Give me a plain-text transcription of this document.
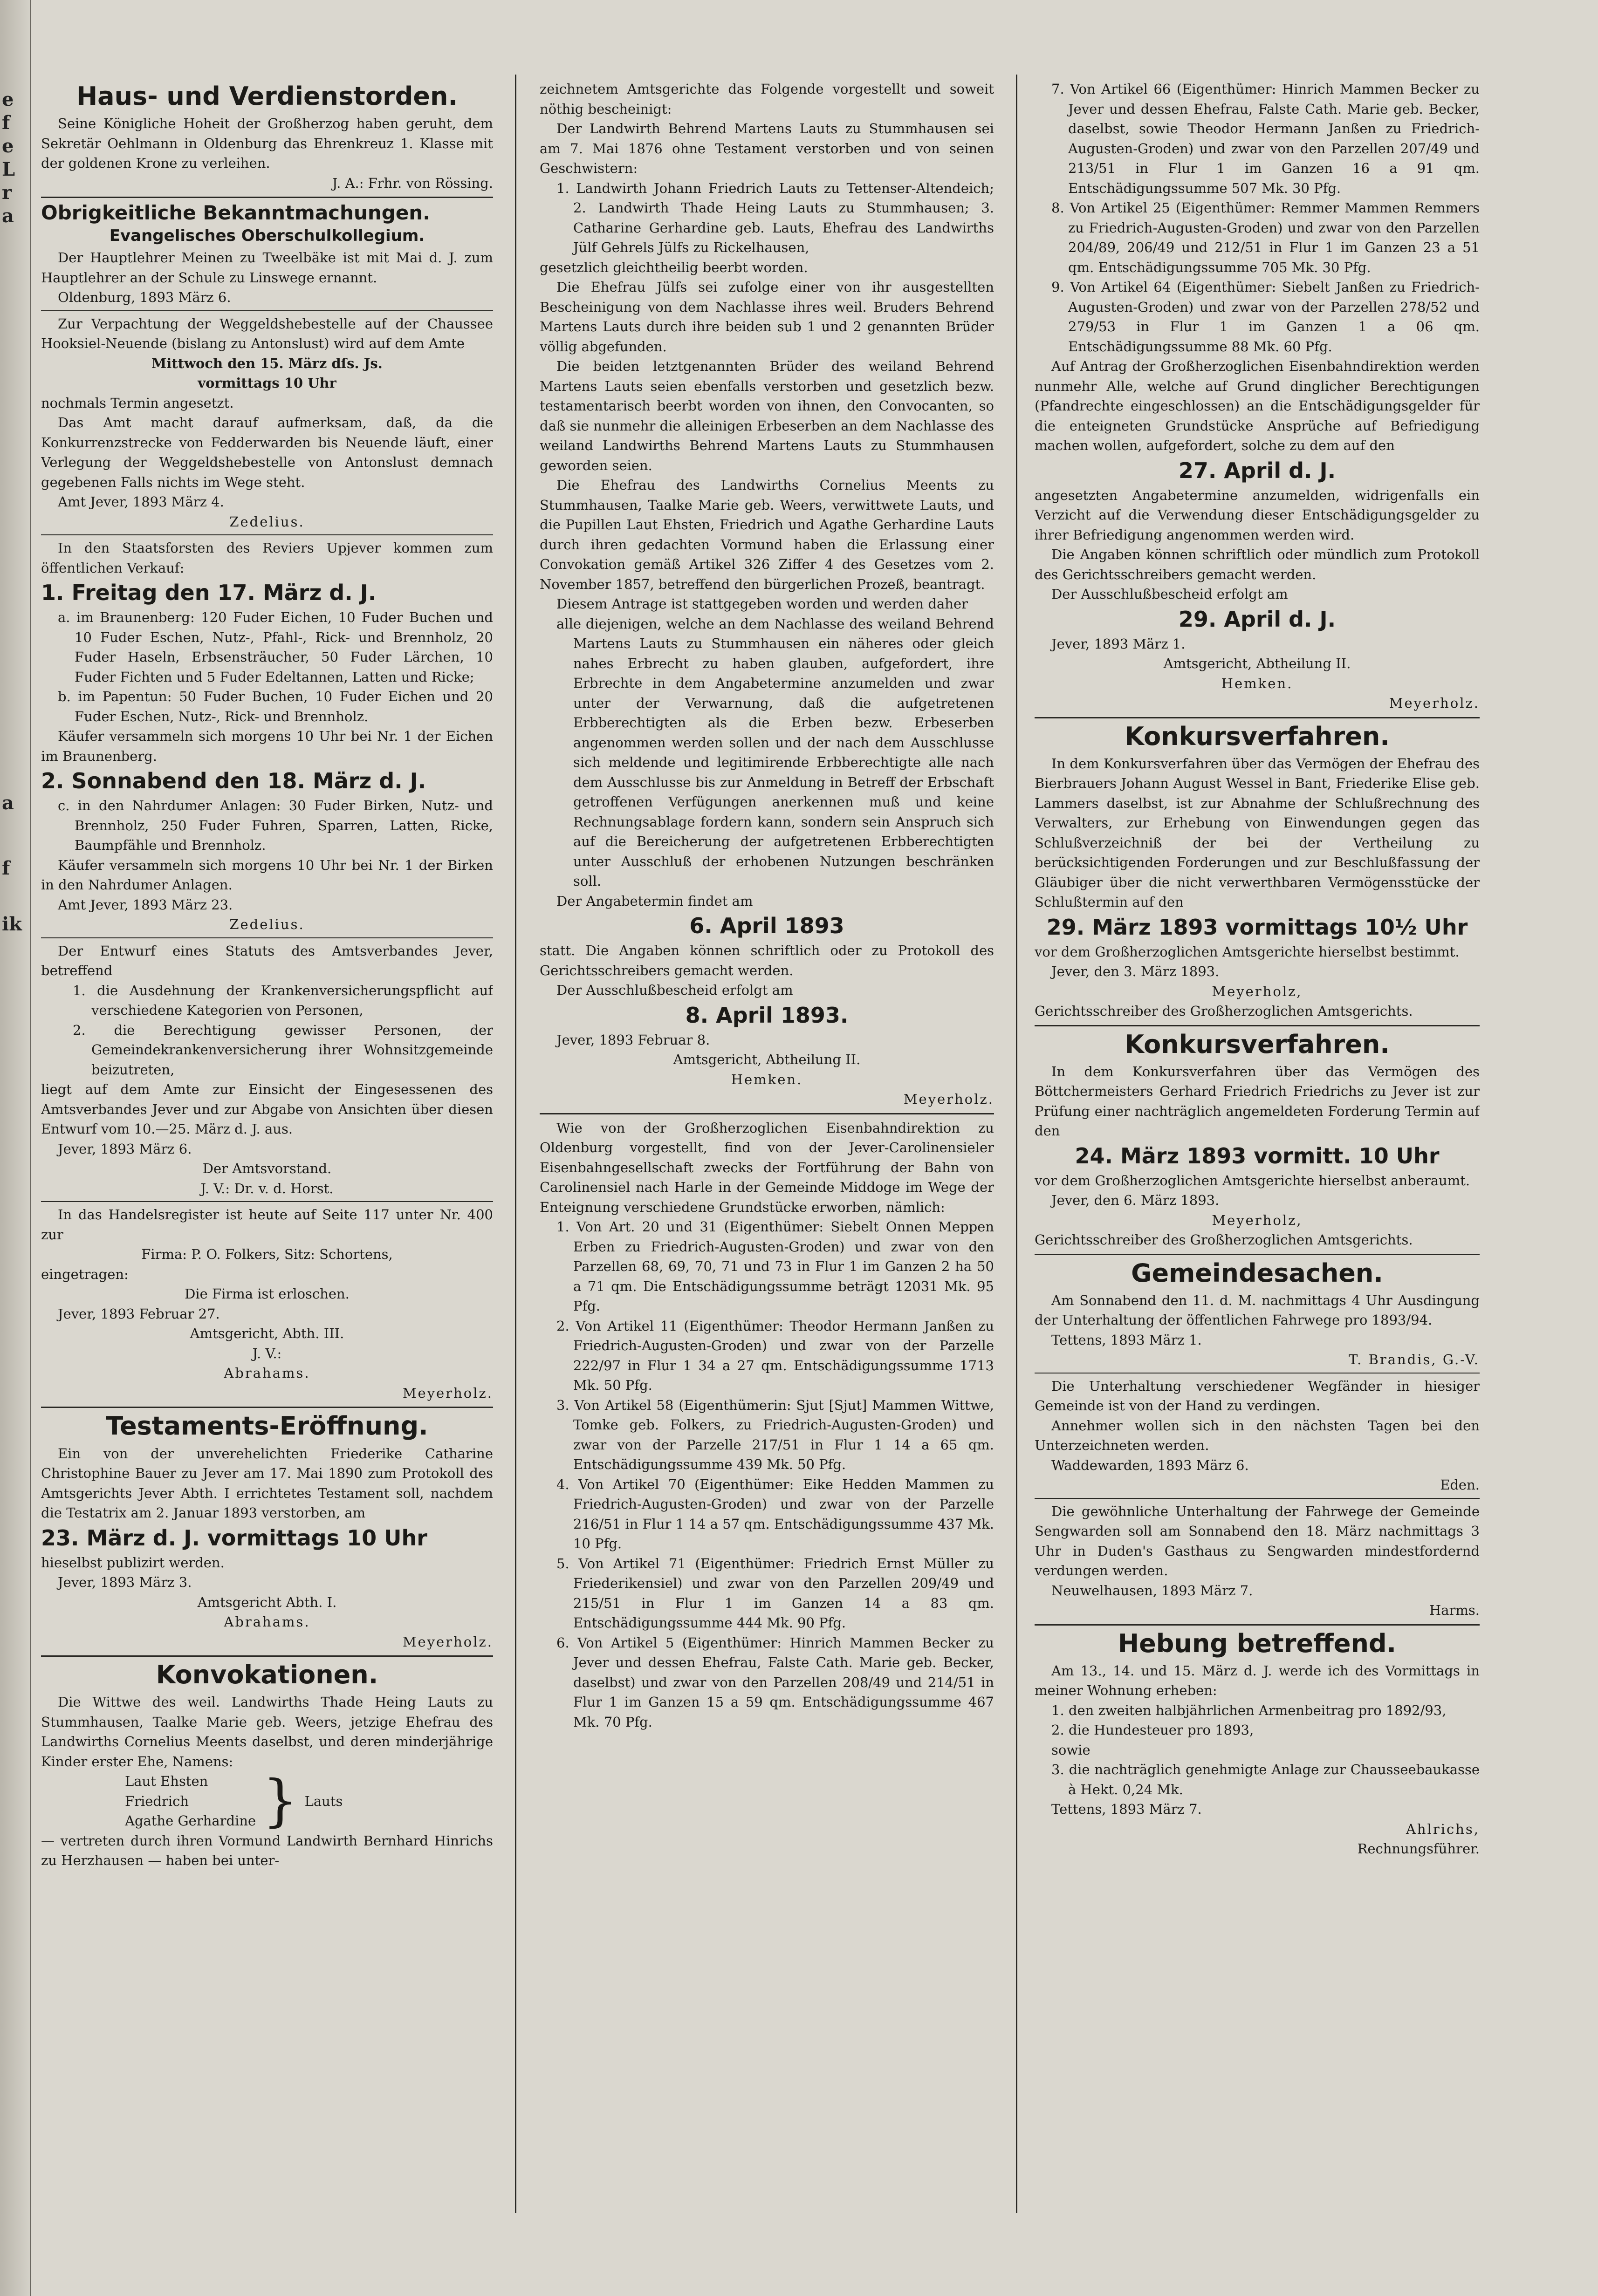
e
f
e
L
r
a
a
f
ik
Haus- und Verdienstorden.

Seine Königliche Hoheit der Großherzog haben geruht, dem Sekretär Oehlmann in Oldenburg das Ehrenkreuz 1. Klasse mit der goldenen Krone zu verleihen.

J. A.: Frhr. von Rössing.

Obrigkeitliche Bekanntmachungen.
Evangelisches Oberschulkollegium.

Der Hauptlehrer Meinen zu Tweelbäke ist mit Mai d. J. zum Hauptlehrer an der Schule zu Linswege ernannt.

Oldenburg, 1893 März 6.

Zur Verpachtung der Weggeldshebestelle auf der Chaussee Hooksiel-Neuende (bislang zu Antonslust) wird auf dem Amte

Mittwoch den 15. März dſs. Js.

vormittags 10 Uhr

nochmals Termin angesetzt.

Das Amt macht darauf aufmerksam, daß, da die Konkurrenzstrecke von Fedderwarden bis Neuende läuft, einer Verlegung der Weggeldshebestelle von Antonslust demnach gegebenen Falls nichts im Wege steht.

Amt Jever, 1893 März 4.

Zedelius.

In den Staatsforsten des Reviers Upjever kommen zum öffentlichen Verkauf:

1. Freitag den 17. März d. J.

a. im Braunenberg: 120 Fuder Eichen, 10 Fuder Buchen und 10 Fuder Eschen, Nutz-, Pfahl-, Rick- und Brennholz, 20 Fuder Haseln, Erbsensträucher, 50 Fuder Lärchen, 10 Fuder Fichten und 5 Fuder Edeltannen, Latten und Ricke;

b. im Papentun: 50 Fuder Buchen, 10 Fuder Eichen und 20 Fuder Eschen, Nutz-, Rick- und Brennholz.

Käufer versammeln sich morgens 10 Uhr bei Nr. 1 der Eichen im Braunenberg.

2. Sonnabend den 18. März d. J.

c. in den Nahrdumer Anlagen: 30 Fuder Birken, Nutz- und Brennholz, 250 Fuder Fuhren, Sparren, Latten, Ricke, Baumpfähle und Brennholz.

Käufer versammeln sich morgens 10 Uhr bei Nr. 1 der Birken in den Nahrdumer Anlagen.

Amt Jever, 1893 März 23.

Zedelius.

Der Entwurf eines Statuts des Amtsverbandes Jever, betreffend

1. die Ausdehnung der Krankenversicherungspflicht auf verschiedene Kategorien von Personen,

2. die Berechtigung gewisser Personen, der Gemeindekrankenversicherung ihrer Wohnsitzgemeinde beizutreten,

liegt auf dem Amte zur Einsicht der Eingesessenen des Amtsverbandes Jever und zur Abgabe von Ansichten über diesen Entwurf vom 10.—25. März d. J. aus.

Jever, 1893 März 6.

Der Amtsvorstand.

J. V.: Dr. v. d. Horst.

In das Handelsregister ist heute auf Seite 117 unter Nr. 400 zur

Firma: P. O. Folkers, Sitz: Schortens,

eingetragen:

Die Firma ist erloschen.

Jever, 1893 Februar 27.

Amtsgericht, Abth. III.

J. V.:

Abrahams.

Meyerholz.

Testaments-Eröffnung.

Ein von der unverehelichten Friederike Catharine Christophine Bauer zu Jever am 17. Mai 1890 zum Protokoll des Amtsgerichts Jever Abth. I errichtetes Testament soll, nachdem die Testatrix am 2. Januar 1893 verstorben, am

23. März d. J. vormittags 10 Uhr

hieselbst publizirt werden.

Jever, 1893 März 3.

Amtsgericht Abth. I.

Abrahams.

Meyerholz.

Konvokationen.

Die Wittwe des weil. Landwirths Thade Heing Lauts zu Stummhausen, Taalke Marie geb. Weers, jetzige Ehefrau des Landwirths Cornelius Meents daselbst, und deren minderjährige Kinder erster Ehe, Namens:

Laut Ehsten

Friedrich

Agathe Gerhardine } Lauts

— vertreten durch ihren Vormund Landwirth Bernhard Hinrichs zu Herzhausen — haben bei unter-

zeichnetem Amtsgerichte das Folgende vorgestellt und soweit nöthig bescheinigt:

Der Landwirth Behrend Martens Lauts zu Stummhausen sei am 7. Mai 1876 ohne Testament verstorben und von seinen Geschwistern:

1. Landwirth Johann Friedrich Lauts zu Tettenser-Altendeich; 2. Landwirth Thade Heing Lauts zu Stummhausen; 3. Catharine Gerhardine geb. Lauts, Ehefrau des Landwirths Jülf Gehrels Jülfs zu Rickelhausen,

gesetzlich gleichtheilig beerbt worden.

Die Ehefrau Jülfs sei zufolge einer von ihr ausgestellten Bescheinigung von dem Nachlasse ihres weil. Bruders Behrend Martens Lauts durch ihre beiden sub 1 und 2 genannten Brüder völlig abgefunden.

Die beiden letztgenannten Brüder des weiland Behrend Martens Lauts seien ebenfalls verstorben und gesetzlich bezw. testamentarisch beerbt worden von ihnen, den Convocanten, so daß sie nunmehr die alleinigen Erbeserben an dem Nachlasse des weiland Landwirths Behrend Martens Lauts zu Stummhausen geworden seien.

Die Ehefrau des Landwirths Cornelius Meents zu Stummhausen, Taalke Marie geb. Weers, verwittwete Lauts, und die Pupillen Laut Ehsten, Friedrich und Agathe Gerhardine Lauts durch ihren gedachten Vormund haben die Erlassung einer Convokation gemäß Artikel 326 Ziffer 4 des Gesetzes vom 2. November 1857, betreffend den bürgerlichen Prozeß, beantragt.

Diesem Antrage ist stattgegeben worden und werden daher

alle diejenigen, welche an dem Nachlasse des weiland Behrend Martens Lauts zu Stummhausen ein näheres oder gleich nahes Erbrecht zu haben glauben, aufgefordert, ihre Erbrechte in dem Angabetermine anzumelden und zwar unter der Verwarnung, daß die aufgetretenen Erbberechtigten als die Erben bezw. Erbeserben angenommen werden sollen und der nach dem Ausschlusse sich meldende und legitimirende Erbberechtigte alle nach dem Ausschlusse bis zur Anmeldung in Betreff der Erbschaft getroffenen Verfügungen anerkennen muß und keine Rechnungsablage fordern kann, sondern sein Anspruch sich auf die Bereicherung der aufgetretenen Erbberechtigten unter Ausschluß der erhobenen Nutzungen beschränken soll.

Der Angabetermin findet am

6. April 1893

statt. Die Angaben können schriftlich oder zu Protokoll des Gerichtsschreibers gemacht werden.

Der Ausschlußbescheid erfolgt am

8. April 1893.

Jever, 1893 Februar 8.

Amtsgericht, Abtheilung II.

Hemken.

Meyerholz.

Wie von der Großherzoglichen Eisenbahndirektion zu Oldenburg vorgestellt, find von der Jever-Carolinensieler Eisenbahngesellschaft zwecks der Fortführung der Bahn von Carolinensiel nach Harle in der Gemeinde Middoge im Wege der Enteignung verschiedene Grundstücke erworben, nämlich:

1. Von Art. 20 und 31 (Eigenthümer: Siebelt Onnen Meppen Erben zu Friedrich-Augusten-Groden) und zwar von den Parzellen 68, 69, 70, 71 und 73 in Flur 1 im Ganzen 2 ha 50 a 71 qm. Die Entschädigungssumme beträgt 12031 Mk. 95 Pfg.

2. Von Artikel 11 (Eigenthümer: Theodor Hermann Janßen zu Friedrich-Augusten-Groden) und zwar von der Parzelle 222/97 in Flur 1 34 a 27 qm. Entschädigungssumme 1713 Mk. 50 Pfg.

3. Von Artikel 58 (Eigenthümerin: Sjut [Sjut] Mammen Wittwe, Tomke geb. Folkers, zu Friedrich-Augusten-Groden) und zwar von der Parzelle 217/51 in Flur 1 14 a 65 qm. Entschädigungssumme 439 Mk. 50 Pfg.

4. Von Artikel 70 (Eigenthümer: Eike Hedden Mammen zu Friedrich-Augusten-Groden) und zwar von der Parzelle 216/51 in Flur 1 14 a 57 qm. Entschädigungssumme 437 Mk. 10 Pfg.

5. Von Artikel 71 (Eigenthümer: Friedrich Ernst Müller zu Friederikensiel) und zwar von den Parzellen 209/49 und 215/51 in Flur 1 im Ganzen 14 a 83 qm. Entschädigungssumme 444 Mk. 90 Pfg.

6. Von Artikel 5 (Eigenthümer: Hinrich Mammen Becker zu Jever und dessen Ehefrau, Falste Cath. Marie geb. Becker, daselbst) und zwar von den Parzellen 208/49 und 214/51 in Flur 1 im Ganzen 15 a 59 qm. Entschädigungssumme 467 Mk. 70 Pfg.

7. Von Artikel 66 (Eigenthümer: Hinrich Mammen Becker zu Jever und dessen Ehefrau, Falste Cath. Marie geb. Becker, daselbst, sowie Theodor Hermann Janßen zu Friedrich-Augusten-Groden) und zwar von den Parzellen 207/49 und 213/51 in Flur 1 im Ganzen 16 a 91 qm. Entschädigungssumme 507 Mk. 30 Pfg.

8. Von Artikel 25 (Eigenthümer: Remmer Mammen Remmers zu Friedrich-Augusten-Groden) und zwar von den Parzellen 204/89, 206/49 und 212/51 in Flur 1 im Ganzen 23 a 51 qm. Entschädigungssumme 705 Mk. 30 Pfg.

9. Von Artikel 64 (Eigenthümer: Siebelt Janßen zu Friedrich-Augusten-Groden) und zwar von der Parzellen 278/52 und 279/53 in Flur 1 im Ganzen 1 a 06 qm. Entschädigungssumme 88 Mk. 60 Pfg.

Auf Antrag der Großherzoglichen Eisenbahndirektion werden nunmehr Alle, welche auf Grund dinglicher Berechtigungen (Pfandrechte eingeschlossen) an die Entschädigungsgelder für die enteigneten Grundstücke Ansprüche auf Befriedigung machen wollen, aufgefordert, solche zu dem auf den

27. April d. J.

angesetzten Angabetermine anzumelden, widrigenfalls ein Verzicht auf die Verwendung dieser Entschädigungsgelder zu ihrer Befriedigung angenommen werden wird.

Die Angaben können schriftlich oder mündlich zum Protokoll des Gerichtsschreibers gemacht werden.

Der Ausschlußbescheid erfolgt am

29. April d. J.

Jever, 1893 März 1.

Amtsgericht, Abtheilung II.

Hemken.

Meyerholz.

Konkursverfahren.

In dem Konkursverfahren über das Vermögen der Ehefrau des Bierbrauers Johann August Wessel in Bant, Friederike Elise geb. Lammers daselbst, ist zur Abnahme der Schlußrechnung des Verwalters, zur Erhebung von Einwendungen gegen das Schlußverzeichniß der bei der Vertheilung zu berücksichtigenden Forderungen und zur Beschlußfassung der Gläubiger über die nicht verwerthbaren Vermögensstücke der Schlußtermin auf den

29. März 1893 vormittags 10½ Uhr

vor dem Großherzoglichen Amtsgerichte hierselbst bestimmt.

Jever, den 3. März 1893.

Meyerholz,

Gerichtsschreiber des Großherzoglichen Amtsgerichts.

Konkursverfahren.

In dem Konkursverfahren über das Vermögen des Böttchermeisters Gerhard Friedrich Friedrichs zu Jever ist zur Prüfung einer nachträglich angemeldeten Forderung Termin auf den

24. März 1893 vormitt. 10 Uhr

vor dem Großherzoglichen Amtsgerichte hierselbst anberaumt.

Jever, den 6. März 1893.

Meyerholz,

Gerichtsschreiber des Großherzoglichen Amtsgerichts.

Gemeindesachen.

Am Sonnabend den 11. d. M. nachmittags 4 Uhr Ausdingung der Unterhaltung der öffentlichen Fahrwege pro 1893/94.

Tettens, 1893 März 1.

T. Brandis, G.-V.

Die Unterhaltung verschiedener Wegfänder in hiesiger Gemeinde ist von der Hand zu verdingen.

Annehmer wollen sich in den nächsten Tagen bei den Unterzeichneten werden.

Waddewarden, 1893 März 6.

Eden.

Die gewöhnliche Unterhaltung der Fahrwege der Gemeinde Sengwarden soll am Sonnabend den 18. März nachmittags 3 Uhr in Duden's Gasthaus zu Sengwarden mindestfordernd verdungen werden.

Neuwelhausen, 1893 März 7.

Harms.

Hebung betreffend.

Am 13., 14. und 15. März d. J. werde ich des Vormittags in meiner Wohnung erheben:

1. den zweiten halbjährlichen Armenbeitrag pro 1892/93,

2. die Hundesteuer pro 1893,

sowie

3. die nachträglich genehmigte Anlage zur Chausseebaukasse à Hekt. 0,24 Mk.

Tettens, 1893 März 7.

Ahlrichs,

Rechnungsführer.
